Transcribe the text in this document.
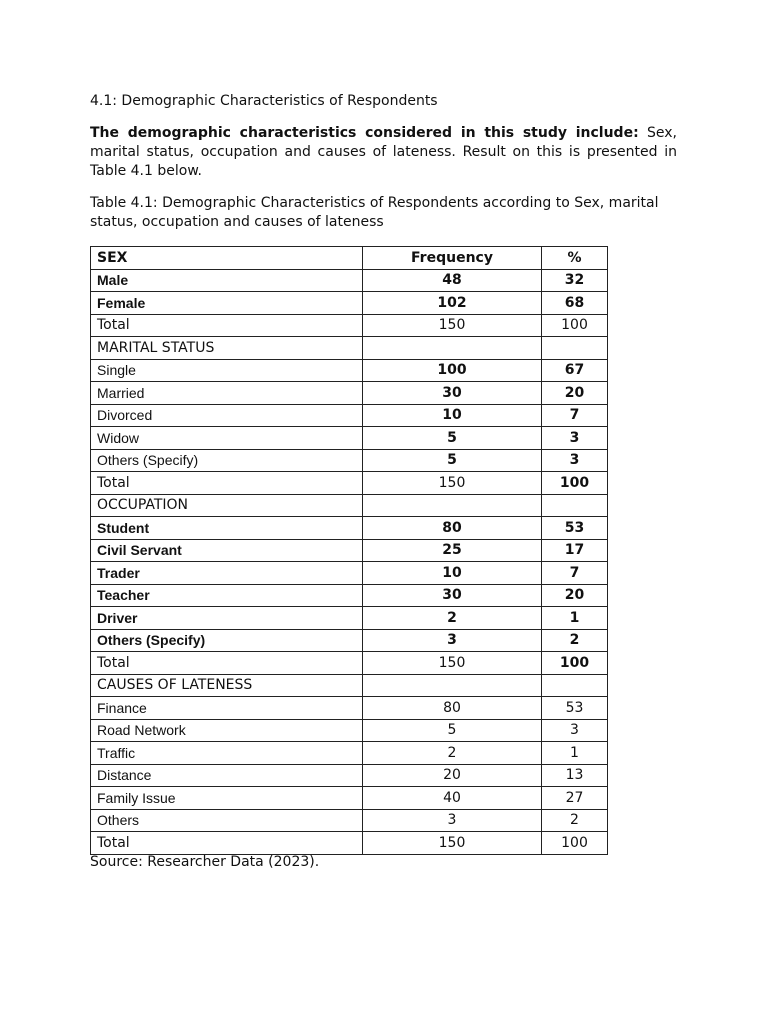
4.1: Demographic Characteristics of Respondents

The demographic characteristics considered in this study include: Sex, marital status, occupation and causes of lateness. Result on this is presented in Table 4.1 below.

Table 4.1: Demographic Characteristics of Respondents according to Sex, marital status, occupation and causes of lateness

SEX	Frequency	%
Male	48	32
Female	102	68
Total	150	100
MARITAL STATUS		
Single	100	67
Married	30	20
Divorced	10	7
Widow	5	3
Others (Specify)	5	3
Total	150	100
OCCUPATION		
Student	80	53
Civil Servant	25	17
Trader	10	7
Teacher	30	20
Driver	2	1
Others (Specify)	3	2
Total	150	100
CAUSES OF LATENESS		
Finance	80	53
Road Network	5	3
Traffic	2	1
Distance	20	13
Family Issue	40	27
Others	3	2
Total	150	100
Source: Researcher Data (2023).
